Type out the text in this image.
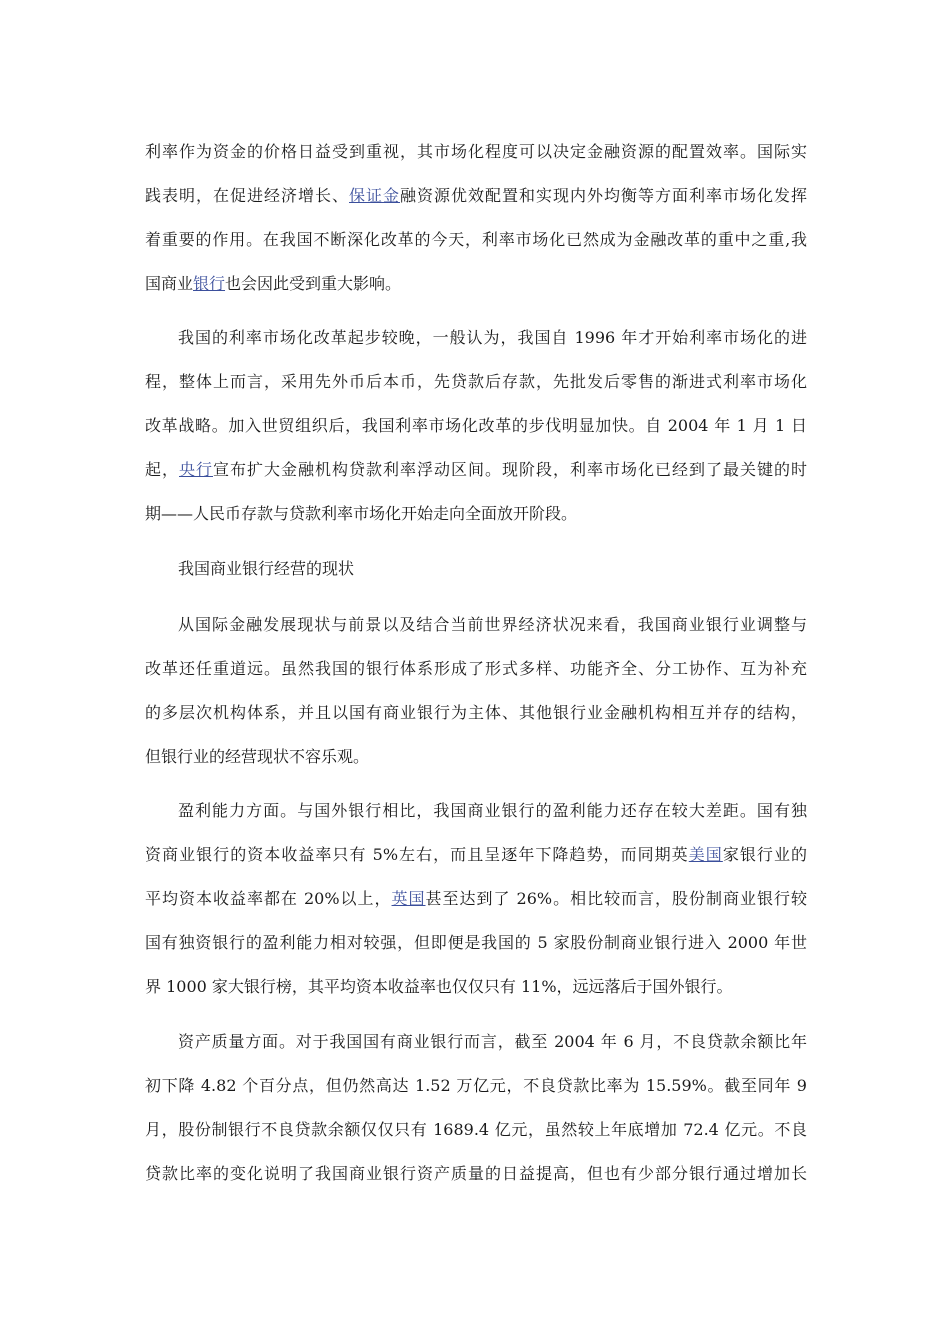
利率作为资金的价格日益受到重视，其市场化程度可以决定金融资源的配置效率。国际实
践表明，在促进经济增长、保证金融资源优效配置和实现内外均衡等方面利率市场化发挥
着重要的作用。在我国不断深化改革的今天，利率市场化已然成为金融改革的重中之重,我
国商业银行也会因此受到重大影响。
我国的利率市场化改革起步较晚，一般认为，我国自 1996 年才开始利率市场化的进
程，整体上而言，采用先外币后本币，先贷款后存款，先批发后零售的渐进式利率市场化
改革战略。加入世贸组织后，我国利率市场化改革的步伐明显加快。自 2004 年 1 月 1 日
起，央行宣布扩大金融机构贷款利率浮动区间。现阶段，利率市场化已经到了最关键的时
期——人民币存款与贷款利率市场化开始走向全面放开阶段。
我国商业银行经营的现状
从国际金融发展现状与前景以及结合当前世界经济状况来看，我国商业银行业调整与
改革还任重道远。虽然我国的银行体系形成了形式多样、功能齐全、分工协作、互为补充
的多层次机构体系，并且以国有商业银行为主体、其他银行业金融机构相互并存的结构，
但银行业的经营现状不容乐观。
盈利能力方面。与国外银行相比，我国商业银行的盈利能力还存在较大差距。国有独
资商业银行的资本收益率只有 5%左右，而且呈逐年下降趋势，而同期英美国家银行业的
平均资本收益率都在 20%以上，英国甚至达到了 26%。相比较而言，股份制商业银行较
国有独资银行的盈利能力相对较强，但即便是我国的 5 家股份制商业银行进入 2000 年世
界 1000 家大银行榜，其平均资本收益率也仅仅只有 11%，远远落后于国外银行。
资产质量方面。对于我国国有商业银行而言，截至 2004 年 6 月，不良贷款余额比年
初下降 4.82 个百分点，但仍然高达 1.52 万亿元，不良贷款比率为 15.59%。截至同年 9
月，股份制银行不良贷款余额仅仅只有 1689.4 亿元，虽然较上年底增加 72.4 亿元。不良
贷款比率的变化说明了我国商业银行资产质量的日益提高，但也有少部分银行通过增加长
